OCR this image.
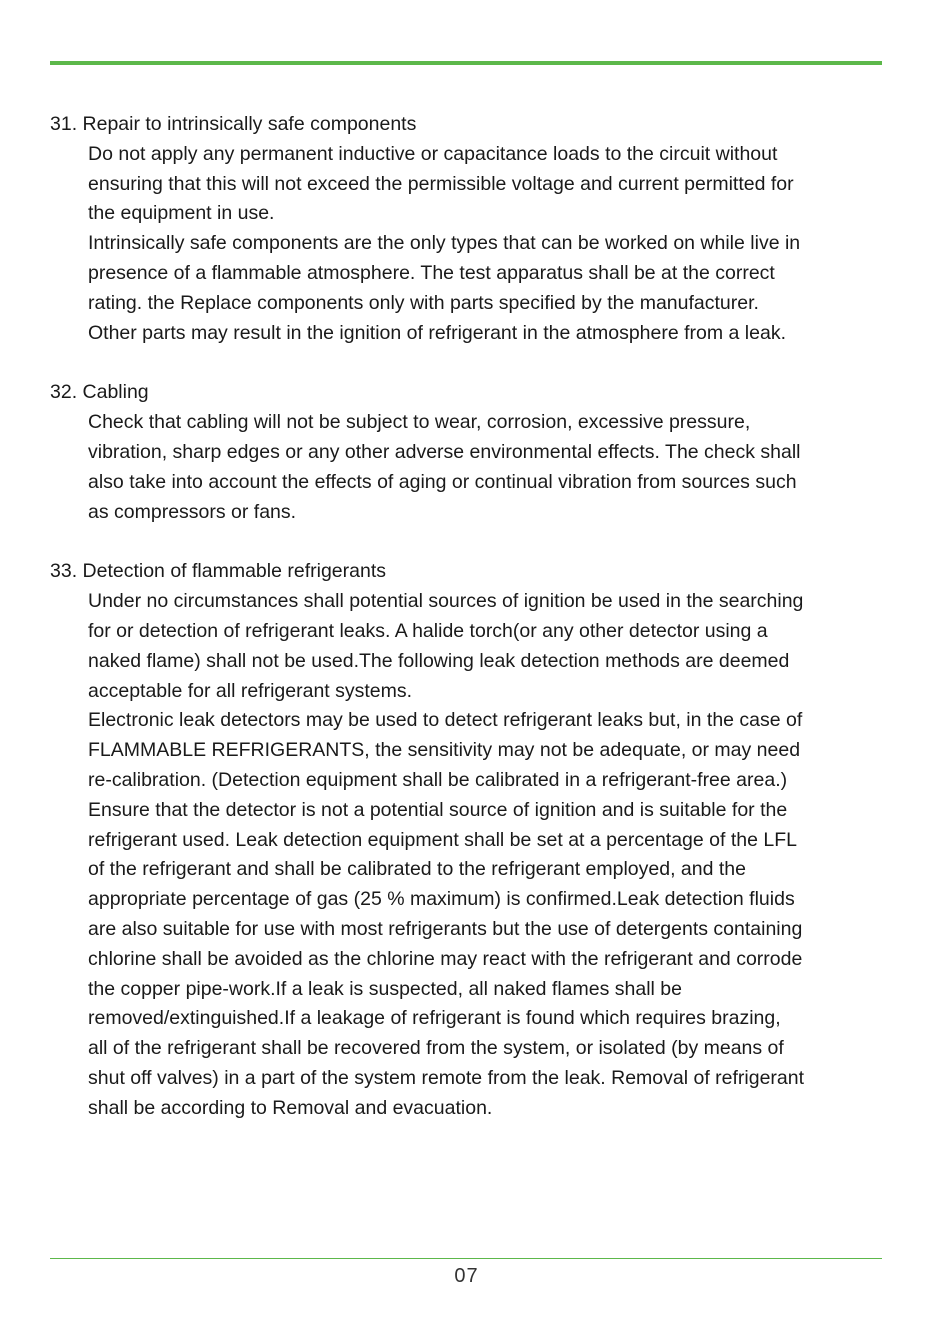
31. Repair to intrinsically safe components

Do not apply any permanent inductive or capacitance loads to the circuit without
ensuring that this will not exceed the permissible voltage and current permitted for
the equipment in use.

Intrinsically safe components are the only types that can be worked on while live in
presence of a flammable atmosphere. The test apparatus shall be at the correct
rating. the Replace components only with parts specified by the manufacturer.
Other parts may result in the ignition of refrigerant in the atmosphere from a leak.

32. Cabling

Check that cabling will not be subject to wear, corrosion, excessive pressure,
vibration, sharp edges or any other adverse environmental effects. The check shall
also take into account the effects of aging or continual vibration from sources such
as compressors or fans.

33. Detection of flammable refrigerants

Under no circumstances shall potential sources of ignition be used in the searching
for or detection of refrigerant leaks. A halide torch(or any other detector using a
naked flame) shall not be used.The following leak detection methods are deemed
acceptable for all refrigerant systems.

Electronic leak detectors may be used to detect refrigerant leaks but, in the case of
FLAMMABLE REFRIGERANTS, the sensitivity may not be adequate, or may need
re-calibration. (Detection equipment shall be calibrated in a refrigerant-free area.)
Ensure that the detector is not a potential source of ignition and is suitable for the
refrigerant used. Leak detection equipment shall be set at a percentage of the LFL
of the refrigerant and shall be calibrated to the refrigerant employed, and the
appropriate percentage of gas (25 % maximum) is confirmed.Leak detection fluids
are also suitable for use with most refrigerants but the use of detergents containing
chlorine shall be avoided as the chlorine may react with the refrigerant and corrode
the copper pipe-work.If a leak is suspected, all naked flames shall be
removed/extinguished.If a leakage of refrigerant is found which requires brazing,
all of the refrigerant shall be recovered from the system, or isolated (by means of
shut off valves) in a part of the system remote from the leak. Removal of refrigerant
shall be according to Removal and evacuation.

07
